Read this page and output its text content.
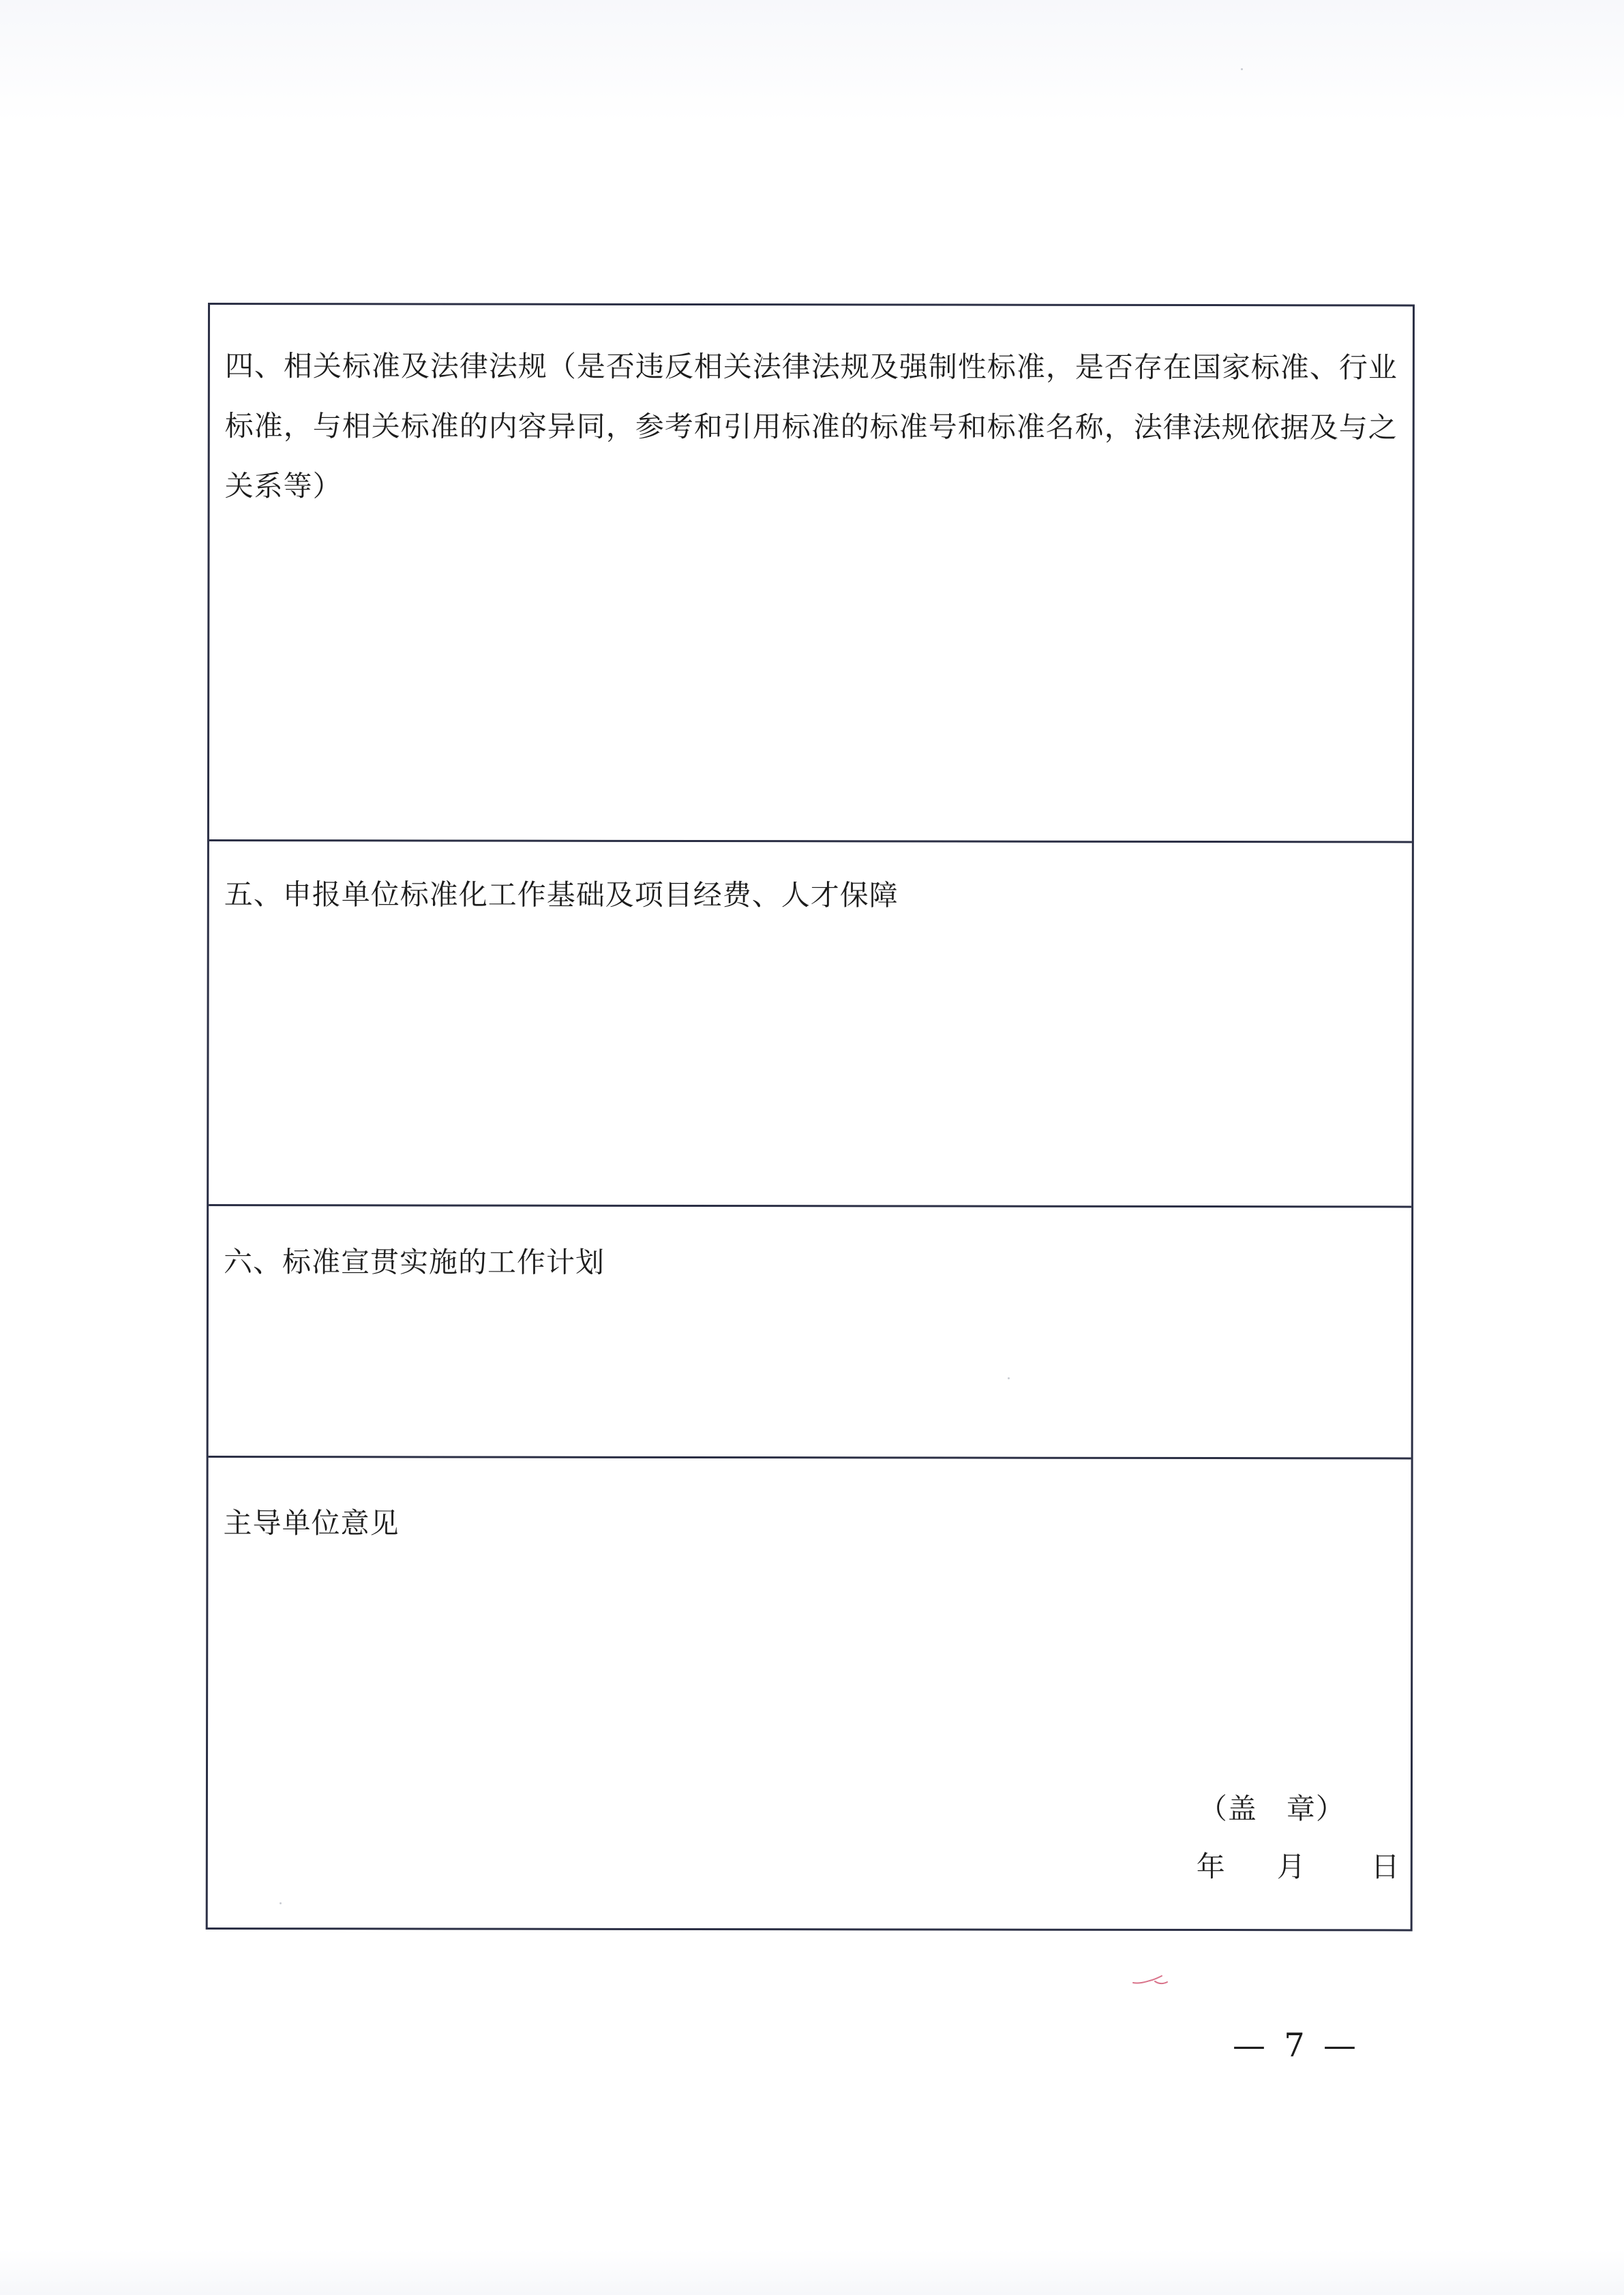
四、相关标准及法律法规（是否违反相关法律法规及强制性标准，是否存在国家标准、行业标准，与相关标准的内容异同，参考和引用标准的标准号和标准名称，法律法规依据及与之关系等）
五、申报单位标准化工作基础及项目经费、人才保障
六、标准宣贯实施的工作计划
主导单位意见
（盖　章）
年 月 日
— 7 —
